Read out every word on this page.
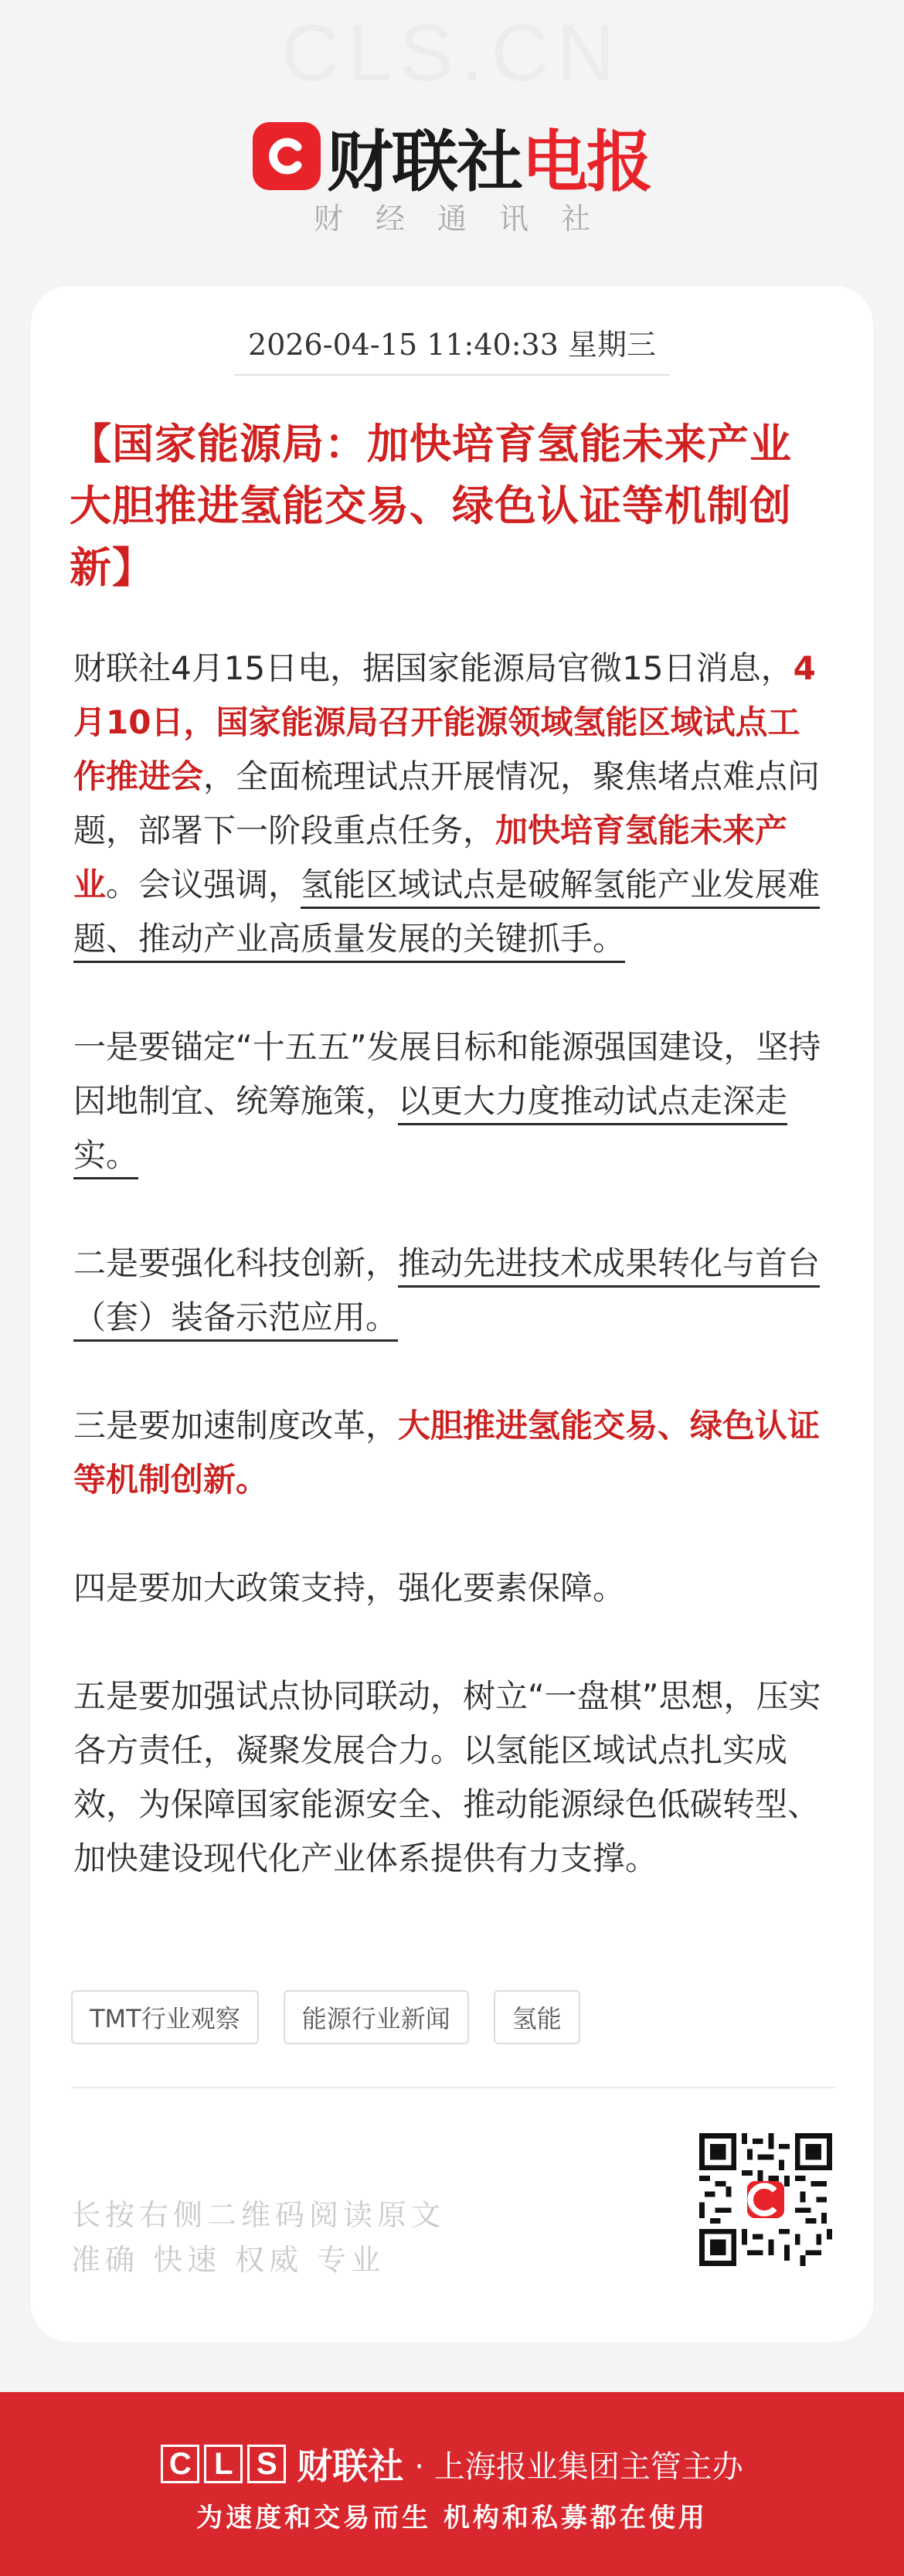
CLS.CN
财联社电报
财经通讯社
2026-04-15 11:40:33 星期三
【国家能源局：加快培育氢能未来产业 大胆推进氢能交易、绿色认证等机制创新】

财联社4月15日电，据国家能源局官微15日消息，4月10日，国家能源局召开能源领域氢能区域试点工作推进会，全面梳理试点开展情况，聚焦堵点难点问题，部署下一阶段重点任务，加快培育氢能未来产业。会议强调，氢能区域试点是破解氢能产业发展难题、推动产业高质量发展的关键抓手。

一是要锚定“十五五”发展目标和能源强国建设，坚持因地制宜、统筹施策，以更大力度推动试点走深走实。

二是要强化科技创新，推动先进技术成果转化与首台（套）装备示范应用。

三是要加速制度改革，大胆推进氢能交易、绿色认证等机制创新。

四是要加大政策支持，强化要素保障。

五是要加强试点协同联动，树立“一盘棋”思想，压实各方责任，凝聚发展合力。以氢能区域试点扎实成效，为保障国家能源安全、推动能源绿色低碳转型、加快建设现代化产业体系提供有力支撑。

TMT行业观察	能源行业新闻	氢能
长按右侧二维码阅读原文
准确 快速 权威 专业
C L S 财联社 · 上海报业集团主管主办
为速度和交易而生 机构和私募都在使用
